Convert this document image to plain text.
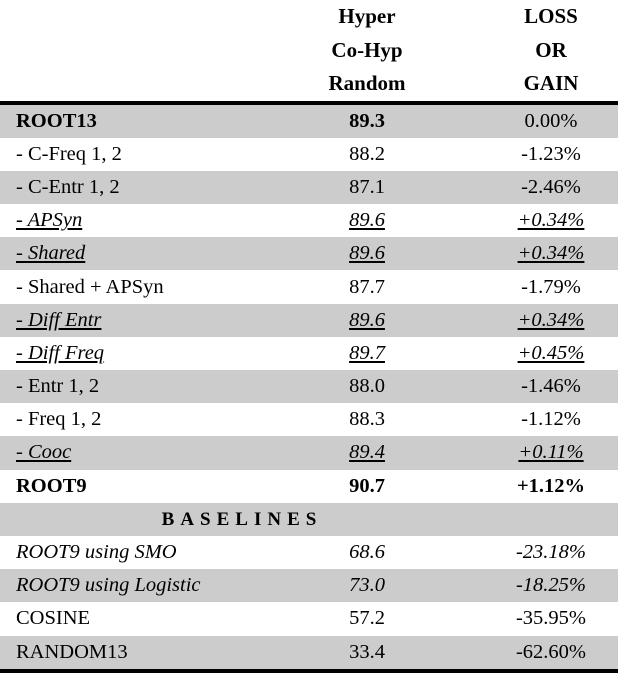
	Hyper	LOSS
	Co-Hyp	OR
	Random	GAIN
ROOT13	89.3	0.00%
- C-Freq 1, 2	88.2	-1.23%
- C-Entr 1, 2	87.1	-2.46%
- APSyn	89.6	+0.34%
- Shared	89.6	+0.34%
- Shared + APSyn	87.7	-1.79%
- Diff Entr	89.6	+0.34%
- Diff Freq	89.7	+0.45%
- Entr 1, 2	88.0	-1.46%
- Freq 1, 2	88.3	-1.12%
- Cooc	89.4	+0.11%
ROOT9	90.7	+1.12%
BASELINES		
ROOT9 using SMO	68.6	-23.18%
ROOT9 using Logistic	73.0	-18.25%
COSINE	57.2	-35.95%
RANDOM13	33.4	-62.60%
